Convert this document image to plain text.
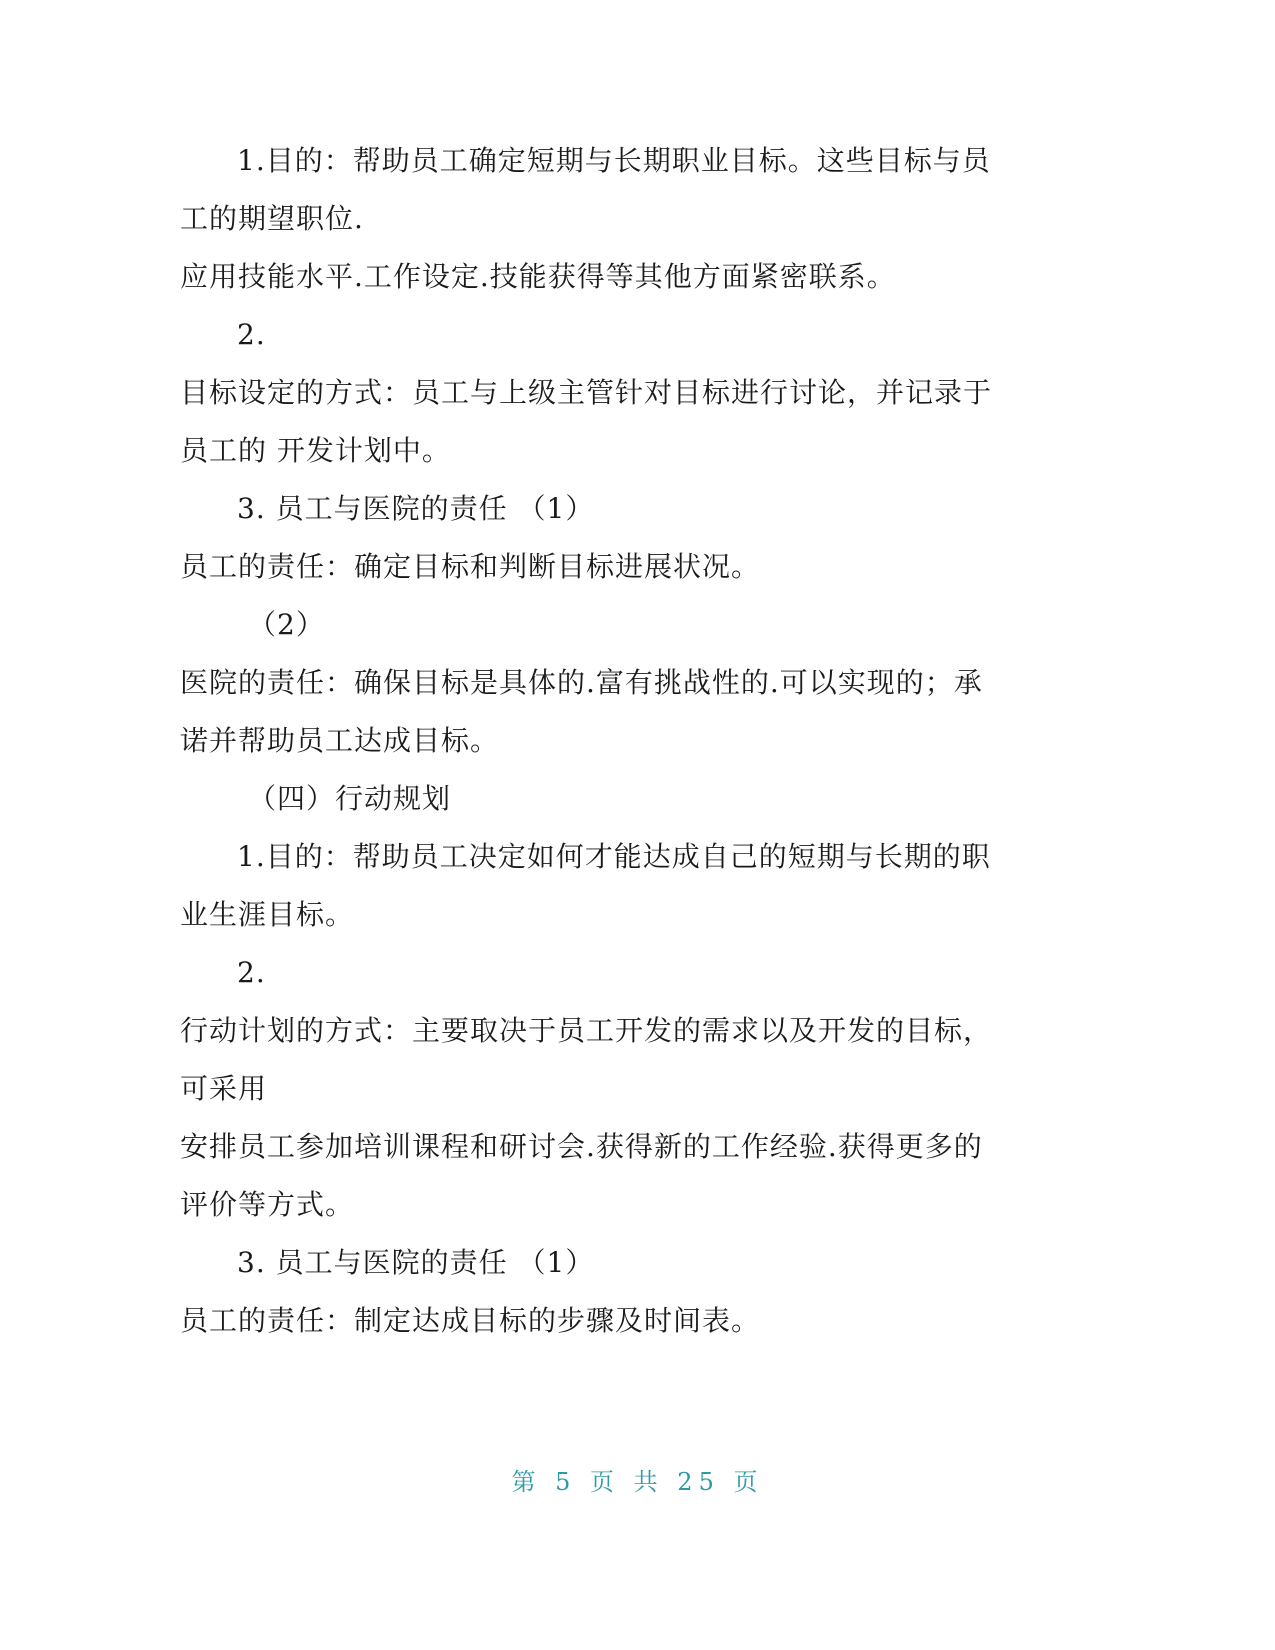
1.目的：帮助员工确定短期与长期职业目标。这些目标与员
工的期望职位.
应用技能水平.工作设定.技能获得等其他方面紧密联系。
2.
目标设定的方式：员工与上级主管针对目标进行讨论，并记录于
员工的 开发计划中。
3. 员工与医院的责任 （1）
员工的责任：确定目标和判断目标进展状况。
（2）
医院的责任：确保目标是具体的.富有挑战性的.可以实现的；承
诺并帮助员工达成目标。
（四）行动规划
1.目的：帮助员工决定如何才能达成自己的短期与长期的职
业生涯目标。
2.
行动计划的方式：主要取决于员工开发的需求以及开发的目标，
可采用
安排员工参加培训课程和研讨会.获得新的工作经验.获得更多的
评价等方式。
3. 员工与医院的责任 （1）
员工的责任：制定达成目标的步骤及时间表。
第 5 页 共 25 页
